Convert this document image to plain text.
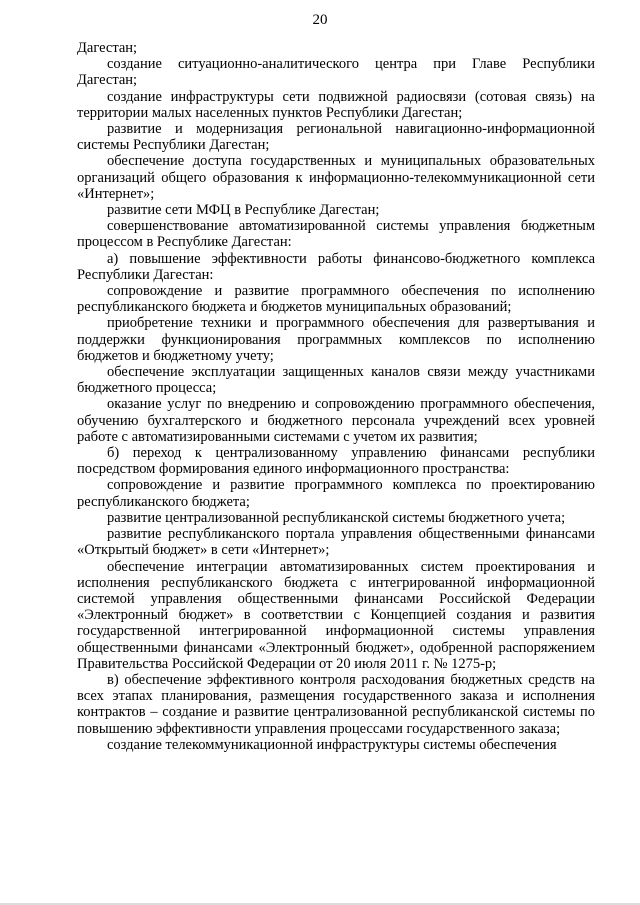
20

Дагестан;

создание ситуационно-аналитического центра при Главе Республики Дагестан;

создание инфраструктуры сети подвижной радиосвязи (сотовая связь) на территории малых населенных пунктов Республики Дагестан;

развитие и модернизация региональной навигационно-информационной системы Республики Дагестан;

обеспечение доступа государственных и муниципальных образовательных организаций общего образования к информационно-телекоммуникационной сети «Интернет»;

развитие сети МФЦ в Республике Дагестан;

совершенствование автоматизированной системы управления бюджетным процессом в Республике Дагестан:

а) повышение эффективности работы финансово-бюджетного комплекса Республики Дагестан:

сопровождение и развитие программного обеспечения по исполнению республиканского бюджета и бюджетов муниципальных образований;

приобретение техники и программного обеспечения для развертывания и поддержки функционирования программных комплексов по исполнению бюджетов и бюджетному учету;

обеспечение эксплуатации защищенных каналов связи между участниками бюджетного процесса;

оказание услуг по внедрению и сопровождению программного обеспечения, обучению бухгалтерского и бюджетного персонала учреждений всех уровней работе с автоматизированными системами с учетом их развития;

б) переход к централизованному управлению финансами республики посредством формирования единого информационного пространства:

сопровождение и развитие программного комплекса по проектированию республиканского бюджета;

развитие централизованной республиканской системы бюджетного учета;

развитие республиканского портала управления общественными финансами «Открытый бюджет» в сети «Интернет»;

обеспечение интеграции автоматизированных систем проектирования и исполнения республиканского бюджета с интегрированной информационной системой управления общественными финансами Российской Федерации «Электронный бюджет» в соответствии с Концепцией создания и развития государственной интегрированной информационной системы управления общественными финансами «Электронный бюджет», одобренной распоряжением Правительства Российской Федерации от 20 июля 2011 г. № 1275-р;

в) обеспечение эффективного контроля расходования бюджетных средств на всех этапах планирования, размещения государственного заказа и исполнения контрактов – создание и развитие централизованной республиканской системы по повышению эффективности управления процессами государственного заказа;

создание телекоммуникационной инфраструктуры системы обеспечения
